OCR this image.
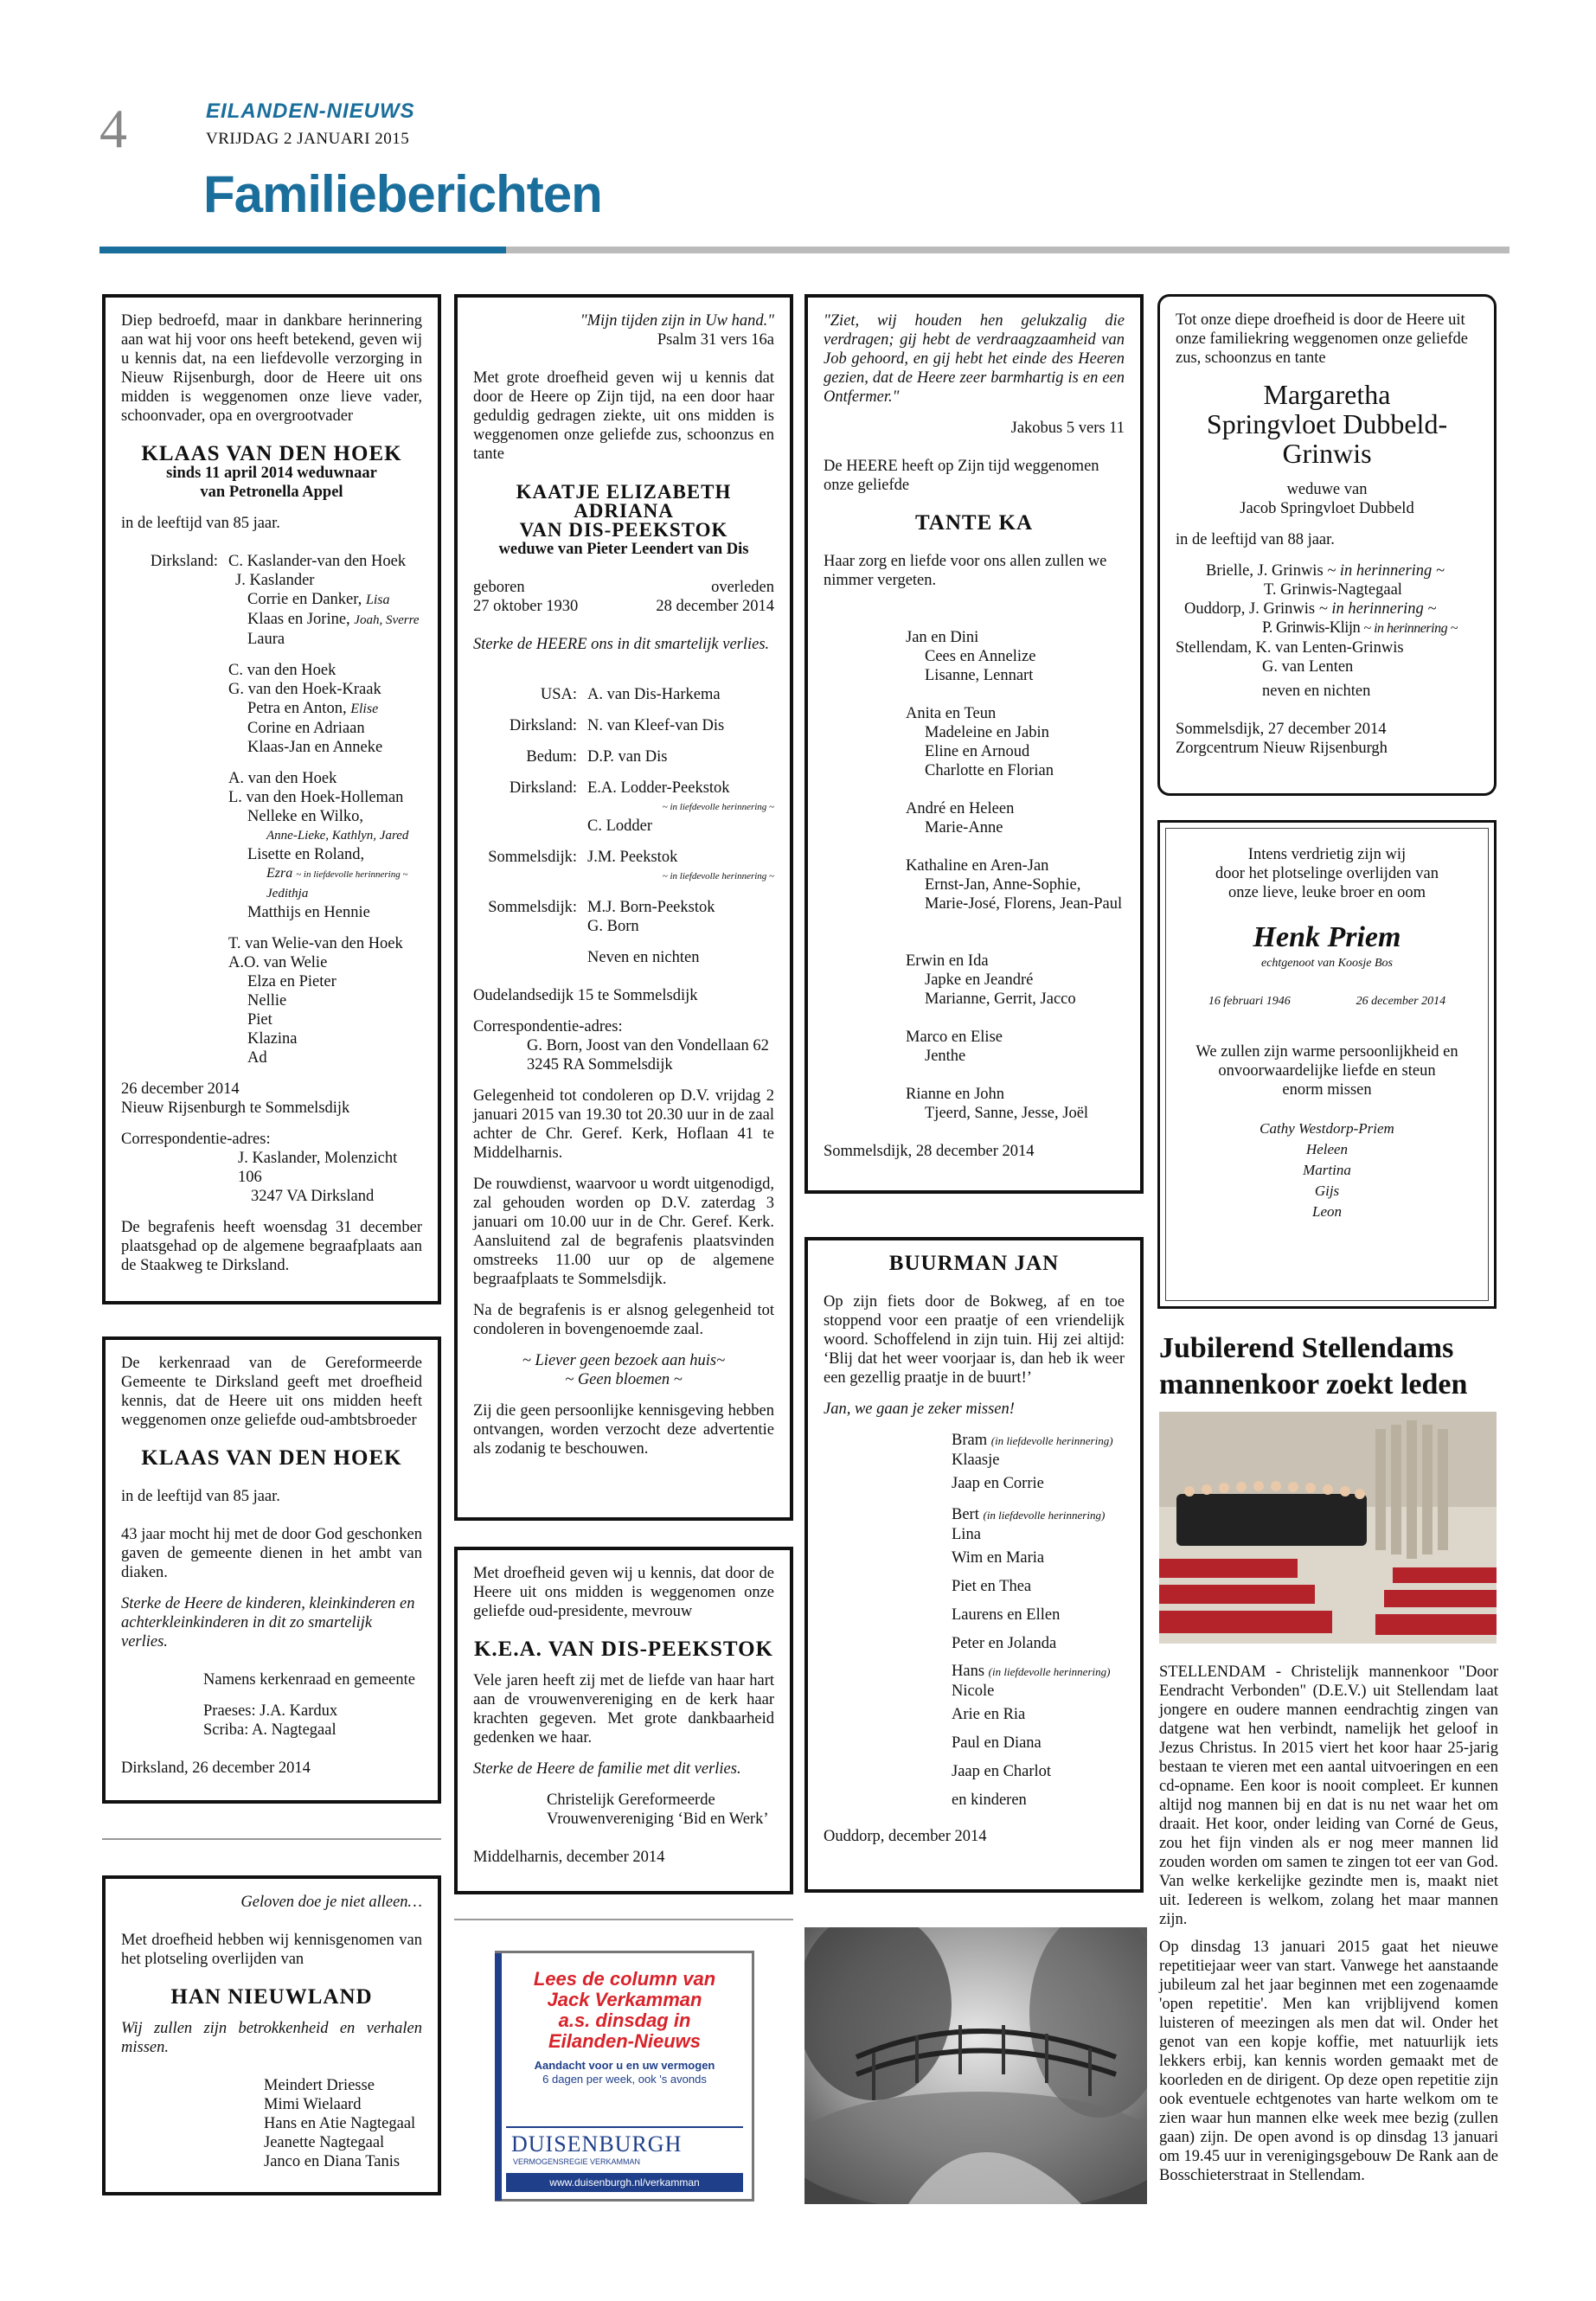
4	EILANDEN-NIEUWS
VRIJDAG 2 JANUARI 2015
Familieberichten
Diep bedroefd, maar in dankbare herinnering aan wat hij voor ons heeft betekend, geven wij u kennis dat, na een liefdevolle verzorging in Nieuw Rijsenburgh, door de Heere uit ons midden is weggenomen onze lieve vader, schoonvader, opa en overgrootvader
KLAAS VAN DEN HOEK
sinds 11 april 2014 weduwnaar
van Petronella Appel
in de leeftijd van 85 jaar.
Dirksland: C. Kaslander-van den Hoek
J. Kaslander
Corrie en Danker, Lisa
Klaas en Jorine, Joah, Sverre
Laura
C. van den Hoek
G. van den Hoek-Kraak
Petra en Anton, Elise
Corine en Adriaan
Klaas-Jan en Anneke
A. van den Hoek
L. van den Hoek-Holleman
Nelleke en Wilko,
Anne-Lieke, Kathlyn, Jared
Lisette en Roland,
Ezra ~ in liefdevolle herinnering ~
Jedithja
Matthijs en Hennie
T. van Welie-van den Hoek
A.O. van Welie
Elza en Pieter
Nellie
Piet
Klazina
Ad
26 december 2014
Nieuw Rijsenburgh te Sommelsdijk
Correspondentie-adres:
J. Kaslander, Molenzicht 106
3247 VA Dirksland
De begrafenis heeft woensdag 31 december plaatsgehad op de algemene begraafplaats aan de Staakweg te Dirksland.
De kerkenraad van de Gereformeerde Gemeente te Dirksland geeft met droefheid kennis, dat de Heere uit ons midden heeft weggenomen onze geliefde oud-ambtsbroeder
KLAAS VAN DEN HOEK
in de leeftijd van 85 jaar.
43 jaar mocht hij met de door God geschonken gaven de gemeente dienen in het ambt van diaken.
Sterke de Heere de kinderen, kleinkinderen en achterkleinkinderen in dit zo smartelijk verlies.
Namens kerkenraad en gemeente
Praeses: J.A. Kardux
Scriba: A. Nagtegaal
Dirksland, 26 december 2014
Geloven doe je niet alleen…
Met droefheid hebben wij kennisgenomen van het plotseling overlijden van
HAN NIEUWLAND
Wij zullen zijn betrokkenheid en verhalen missen.
Meindert Driesse
Mimi Wielaard
Hans en Atie Nagtegaal
Jeanette Nagtegaal
Janco en Diana Tanis
"Mijn tijden zijn in Uw hand."
Psalm 31 vers 16a
Met grote droefheid geven wij u kennis dat door de Heere op Zijn tijd, na een door haar geduldig gedragen ziekte, uit ons midden is weggenomen onze geliefde zus, schoonzus en tante
KAATJE ELIZABETH ADRIANA
VAN DIS-PEEKSTOK
weduwe van Pieter Leendert van Dis
geboren
27 oktober 1930
overleden
28 december 2014
Sterke de HEERE ons in dit smartelijk verlies.
USA: A. van Dis-Harkema
Dirksland: N. van Kleef-van Dis
Bedum: D.P. van Dis
Dirksland: E.A. Lodder-Peekstok
~ in liefdevolle herinnering ~
C. Lodder
Sommelsdijk: J.M. Peekstok
~ in liefdevolle herinnering ~
Sommelsdijk: M.J. Born-Peekstok
G. Born
Neven en nichten
Oudelandsedijk 15 te Sommelsdijk
Correspondentie-adres:
G. Born, Joost van den Vondellaan 62
3245 RA Sommelsdijk
Gelegenheid tot condoleren op D.V. vrijdag 2 januari 2015 van 19.30 tot 20.30 uur in de zaal achter de Chr. Geref. Kerk, Hoflaan 41 te Middelharnis.
De rouwdienst, waarvoor u wordt uitgenodigd, zal gehouden worden op D.V. zaterdag 3 januari om 10.00 uur in de Chr. Geref. Kerk. Aansluitend zal de begrafenis plaatsvinden omstreeks 11.00 uur op de algemene begraafplaats te Sommelsdijk.
Na de begrafenis is er alsnog gelegenheid tot condoleren in bovengenoemde zaal.
~ Liever geen bezoek aan huis~
~ Geen bloemen ~
Zij die geen persoonlijke kennisgeving hebben ontvangen, worden verzocht deze advertentie als zodanig te beschouwen.
Met droefheid geven wij u kennis, dat door de Heere uit ons midden is weggenomen onze geliefde oud-presidente, mevrouw
K.E.A. VAN DIS-PEEKSTOK
Vele jaren heeft zij met de liefde van haar hart aan de vrouwenvereniging en de kerk haar krachten gegeven. Met grote dankbaarheid gedenken we haar.
Sterke de Heere de familie met dit verlies.
Christelijk Gereformeerde
Vrouwenvereniging ‘Bid en Werk’
Middelharnis, december 2014
Lees de column van
Jack Verkamman
a.s. dinsdag in
Eilanden-Nieuws
Aandacht voor u en uw vermogen
6 dagen per week, ook 's avonds
DUISENBURGH
VERMOGENSREGIE VERKAMMAN
www.duisenburgh.nl/verkamman
"Ziet, wij houden hen gelukzalig die verdragen; gij hebt de verdraagzaamheid van Job gehoord, en gij hebt het einde des Heeren gezien, dat de Heere zeer barmhartig is en een Ontfermer."
Jakobus 5 vers 11
De HEERE heeft op Zijn tijd weggenomen onze geliefde
TANTE KA
Haar zorg en liefde voor ons allen zullen we nimmer vergeten.
Jan en Dini
Cees en Annelize
Lisanne, Lennart
Anita en Teun
Madeleine en Jabin
Eline en Arnoud
Charlotte en Florian
André en Heleen
Marie-Anne
Kathaline en Aren-Jan
Ernst-Jan, Anne-Sophie,
Marie-José, Florens, Jean-Paul
Erwin en Ida
Japke en Jeandré
Marianne, Gerrit, Jacco
Marco en Elise
Jenthe
Rianne en John
Tjeerd, Sanne, Jesse, Joël
Sommelsdijk, 28 december 2014
BUURMAN JAN
Op zijn fiets door de Bokweg, af en toe stoppend voor een praatje of een vriendelijk woord. Schoffelend in zijn tuin. Hij zei altijd: ‘Blij dat het weer voorjaar is, dan heb ik weer een gezellig praatje in de buurt!’
Jan, we gaan je zeker missen!
Bram (in liefdevolle herinnering)
Klaasje
Jaap en Corrie
Bert (in liefdevolle herinnering)
Lina
Wim en Maria
Piet en Thea
Laurens en Ellen
Peter en Jolanda
Hans (in liefdevolle herinnering)
Nicole
Arie en Ria
Paul en Diana
Jaap en Charlot
en kinderen
Ouddorp, december 2014
Tot onze diepe droefheid is door de Heere uit onze familiekring weggenomen onze geliefde zus, schoonzus en tante
Margaretha
Springvloet Dubbeld-
Grinwis
weduwe van
Jacob Springvloet Dubbeld
in de leeftijd van 88 jaar.
Brielle, J. Grinwis ~ in herinnering ~
T. Grinwis-Nagtegaal
Ouddorp, J. Grinwis ~ in herinnering ~
P. Grinwis-Klijn ~ in herinnering ~
Stellendam, K. van Lenten-Grinwis
G. van Lenten
neven en nichten
Sommelsdijk, 27 december 2014
Zorgcentrum Nieuw Rijsenburgh
Intens verdrietig zijn wij
door het plotselinge overlijden van
onze lieve, leuke broer en oom
Henk Priem
echtgenoot van Koosje Bos
16 februari 1946	26 december 2014
We zullen zijn warme persoonlijkheid en
onvoorwaardelijke liefde en steun
enorm missen
Cathy Westdorp-Priem
Heleen
Martina
Gijs
Leon
Jubilerend Stellendams
mannenkoor zoekt leden
STELLENDAM - Christelijk mannenkoor "Door Eendracht Verbonden" (D.E.V.) uit Stellendam laat jongere en oudere mannen eendrachtig zingen van datgene wat hen verbindt, namelijk het geloof in Jezus Christus. In 2015 viert het koor haar 25-jarig bestaan te vieren met een aantal uitvoeringen en een cd-opname. Een koor is nooit compleet. Er kunnen altijd nog mannen bij en dat is nu net waar het om draait. Het koor, onder leiding van Corné de Geus, zou het fijn vinden als er nog meer mannen lid zouden worden om samen te zingen tot eer van God. Van welke kerkelijke gezindte men is, maakt niet uit. Iedereen is welkom, zolang het maar mannen zijn.
Op dinsdag 13 januari 2015 gaat het nieuwe repetitiejaar weer van start. Vanwege het aanstaande jubileum zal het jaar beginnen met een zogenaamde 'open repetitie'. Men kan vrijblijvend komen luisteren of meezingen als men dat wil. Onder het genot van een kopje koffie, met natuurlijk iets lekkers erbij, kan kennis worden gemaakt met de koorleden en de dirigent. Op deze open repetitie zijn ook eventuele echtgenotes van harte welkom om te zien waar hun mannen elke week mee bezig (zullen gaan) zijn. De open avond is op dinsdag 13 januari om 19.45 uur in verenigingsgebouw De Rank aan de Bosschieterstraat in Stellendam.
